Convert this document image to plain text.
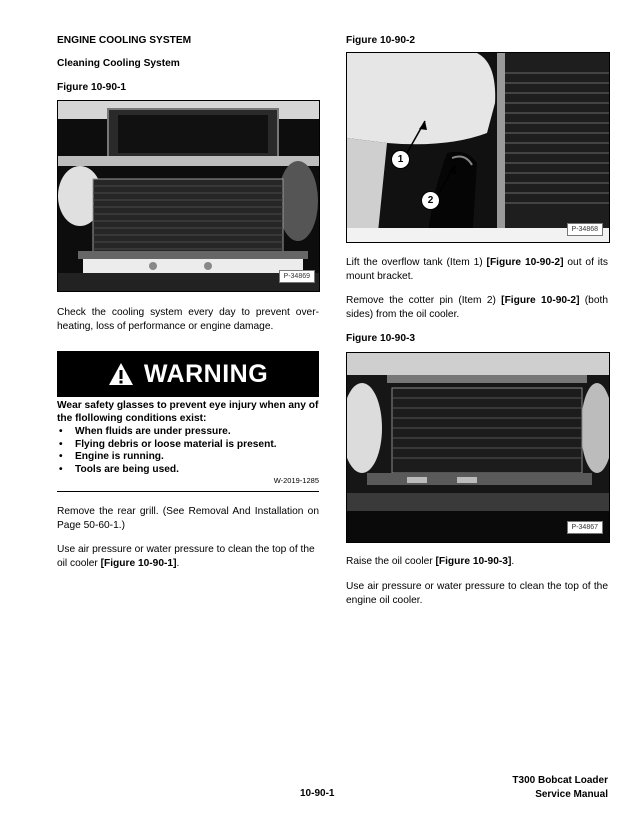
ENGINE COOLING SYSTEM
Cleaning Cooling System
Figure 10-90-1
P-34869
Check the cooling system every day to prevent over-heating, loss of performance or engine damage.
WARNING
Wear safety glasses to prevent eye injury when any of the flollowing conditions exist:
• When fluids are under pressure.
• Flying debris or loose material is present.
• Engine is running.
• Tools are being used.
W-2019-1285
Remove the rear grill. (See Removal And Installation on Page 50-60-1.)
Use air pressure or water pressure to clean the top of the oil cooler [Figure 10-90-1].
Figure 10-90-2
1
2
P-34868
Lift the overflow tank (Item 1) [Figure 10-90-2] out of its mount bracket.
Remove the cotter pin (Item 2) [Figure 10-90-2] (both sides) from the oil cooler.
Figure 10-90-3
P-34867
Raise the oil cooler [Figure 10-90-3].
Use air pressure or water pressure to clean the top of the engine oil cooler.
10-90-1
T300 Bobcat Loader
Service Manual
